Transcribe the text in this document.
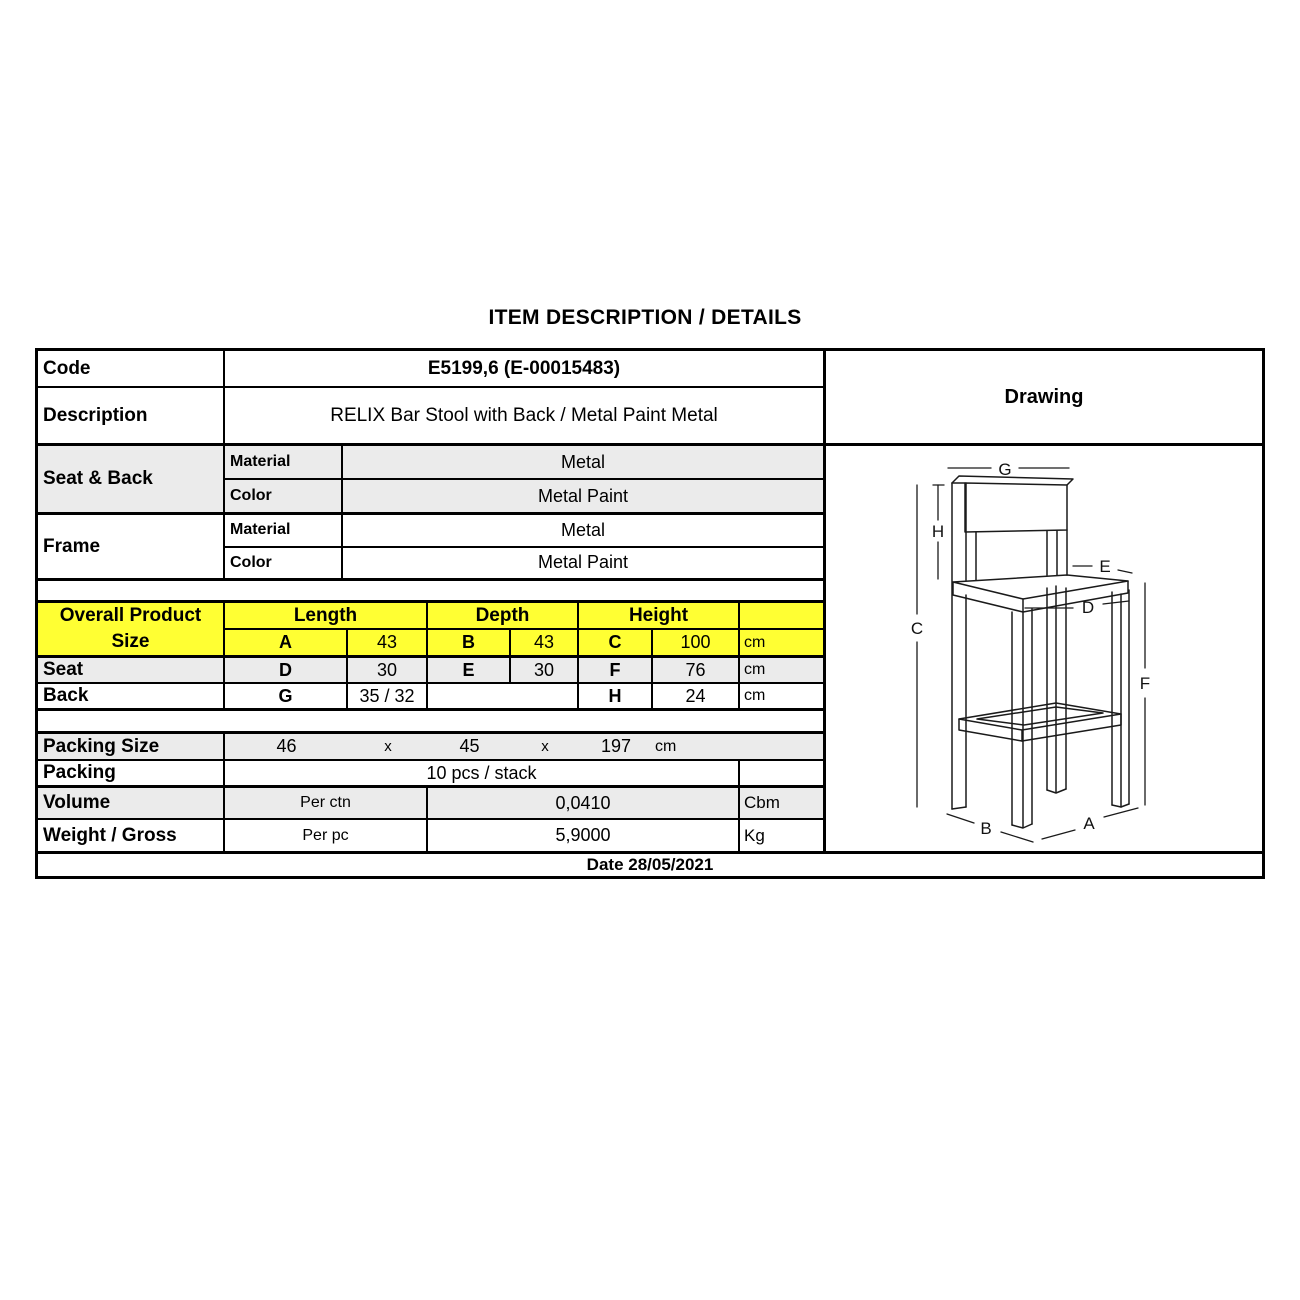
ITEM DESCRIPTION / DETAILS
Code	E5199,6 (E-00015483)
Description	RELIX Bar Stool with Back / Metal Paint Metal
Seat & Back
Material	Metal
Color	Metal Paint
Frame
Material	Metal
Color	Metal Paint
Overall Product
Size
Length	Depth	Height
A	43	B	43	C	100	cm
Seat	D	30	E	30	F	76	cm
Back	G	35 / 32	H	24	cm
Packing Size	46	x	45	x	197	cm
Packing	10 pcs / stack
Volume	Per ctn	0,0410	Cbm
Weight / Gross	Per pc	5,9000	Kg
Drawing
G
H
E
D
C
F
B	A
Date 28/05/2021
